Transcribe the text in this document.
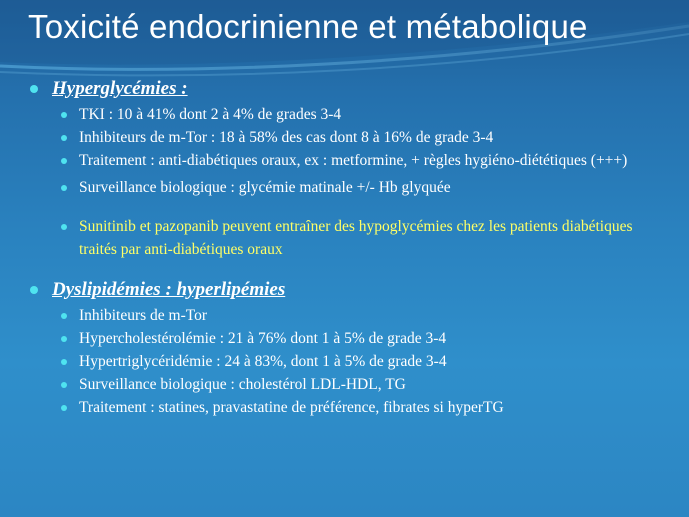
Toxicité endocrinienne et métabolique
Hyperglycémies :
TKI : 10 à 41% dont 2 à 4% de grades 3-4
Inhibiteurs de m-Tor : 18 à 58% des cas dont 8 à 16% de grade 3-4
Traitement : anti-diabétiques oraux, ex : metformine, + règles hygiéno-diététiques (+++)
Surveillance biologique : glycémie matinale +/- Hb glyquée
Sunitinib et pazopanib peuvent entraîner des hypoglycémies chez les patients diabétiques traités par anti-diabétiques oraux
Dyslipidémies : hyperlipémies
Inhibiteurs de m-Tor
Hypercholestérolémie : 21 à 76% dont 1 à 5% de grade 3-4
Hypertriglycéridémie : 24 à 83%, dont 1 à 5% de grade 3-4
Surveillance biologique : cholestérol LDL-HDL, TG
Traitement : statines, pravastatine de préférence, fibrates si hyperTG
